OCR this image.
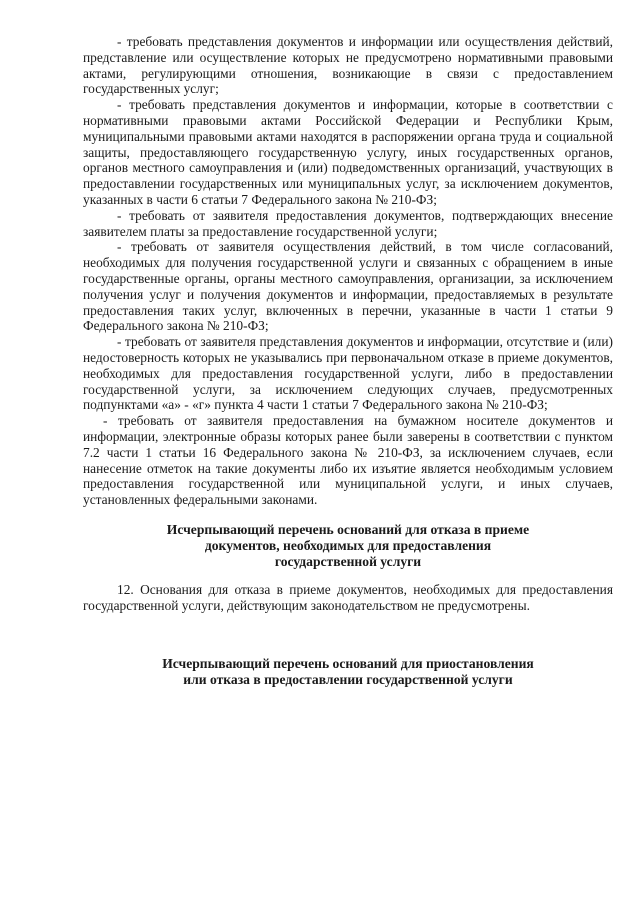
- требовать представления документов и информации или осуществления действий, представление или осуществление которых не предусмотрено нормативными правовыми актами, регулирующими отношения, возникающие в связи с предоставлением государственных услуг;

- требовать представления документов и информации, которые в соответствии с нормативными правовыми актами Российской Федерации и Республики Крым, муниципальными правовыми актами находятся в распоряжении органа труда и социальной защиты, предоставляющего государственную услугу, иных государственных органов, органов местного самоуправления и (или) подведомственных организаций, участвующих в предоставлении государственных или муниципальных услуг, за исключением документов, указанных в части 6 статьи 7 Федерального закона № 210-ФЗ;

- требовать от заявителя предоставления документов, подтверждающих внесение заявителем платы за предоставление государственной услуги;

- требовать от заявителя осуществления действий, в том числе согласований, необходимых для получения государственной услуги и связанных с обращением в иные государственные органы, органы местного самоуправления, организации, за исключением получения услуг и получения документов и информации, предоставляемых в результате предоставления таких услуг, включенных в перечни, указанные в части 1 статьи 9 Федерального закона № 210-ФЗ;

- требовать от заявителя представления документов и информации, отсутствие и (или) недостоверность которых не указывались при первоначальном отказе в приеме документов, необходимых для предоставления государственной услуги, либо в предоставлении государственной услуги, за исключением следующих случаев, предусмотренных подпунктами «а» - «г» пункта 4 части 1 статьи 7 Федерального закона № 210-ФЗ;

- требовать от заявителя предоставления на бумажном носителе документов и информации, электронные образы которых ранее были заверены в соответствии с пунктом 7.2 части 1 статьи 16 Федерального закона № 210-ФЗ, за исключением случаев, если нанесение отметок на такие документы либо их изъятие является необходимым условием предоставления государственной или муниципальной услуги, и иных случаев, установленных федеральными законами.

Исчерпывающий перечень оснований для отказа в приеме
документов, необходимых для предоставления
государственной услуги

12. Основания для отказа в приеме документов, необходимых для предоставления государственной услуги, действующим законодательством не предусмотрены.

Исчерпывающий перечень оснований для приостановления
или отказа в предоставлении государственной услуги
